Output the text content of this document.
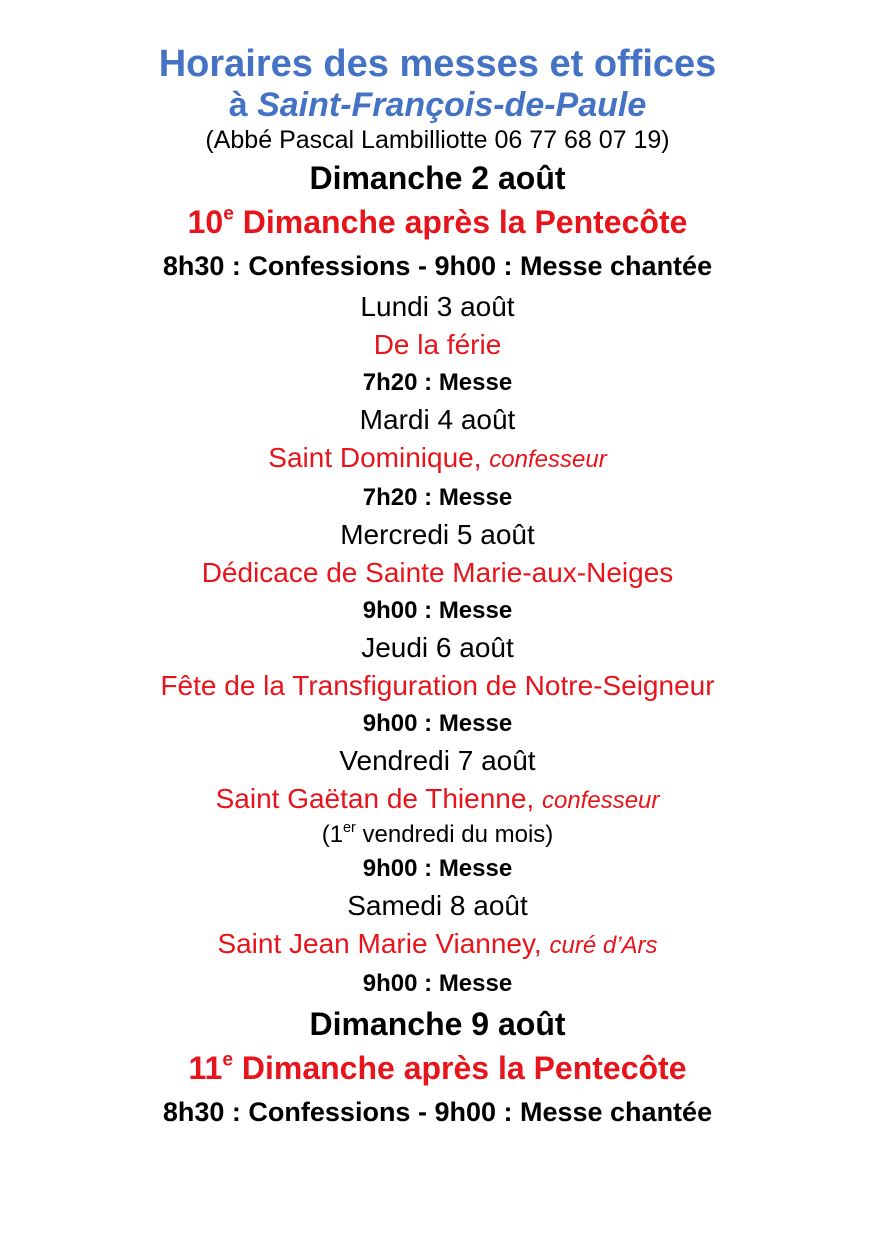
Horaires des messes et offices
à Saint-François-de-Paule
(Abbé Pascal Lambilliotte 06 77 68 07 19)
Dimanche 2 août
10e Dimanche après la Pentecôte
8h30 : Confessions - 9h00 : Messe chantée
Lundi 3 août
De la férie
7h20 : Messe
Mardi 4 août
Saint Dominique, confesseur
7h20 : Messe
Mercredi 5 août
Dédicace de Sainte Marie-aux-Neiges
9h00 : Messe
Jeudi 6 août
Fête de la Transfiguration de Notre-Seigneur
9h00 : Messe
Vendredi 7 août
Saint Gaëtan de Thienne, confesseur
(1er vendredi du mois)
9h00 : Messe
Samedi 8 août
Saint Jean Marie Vianney, curé d’Ars
9h00 : Messe
Dimanche 9 août
11e Dimanche après la Pentecôte
8h30 : Confessions - 9h00 : Messe chantée
